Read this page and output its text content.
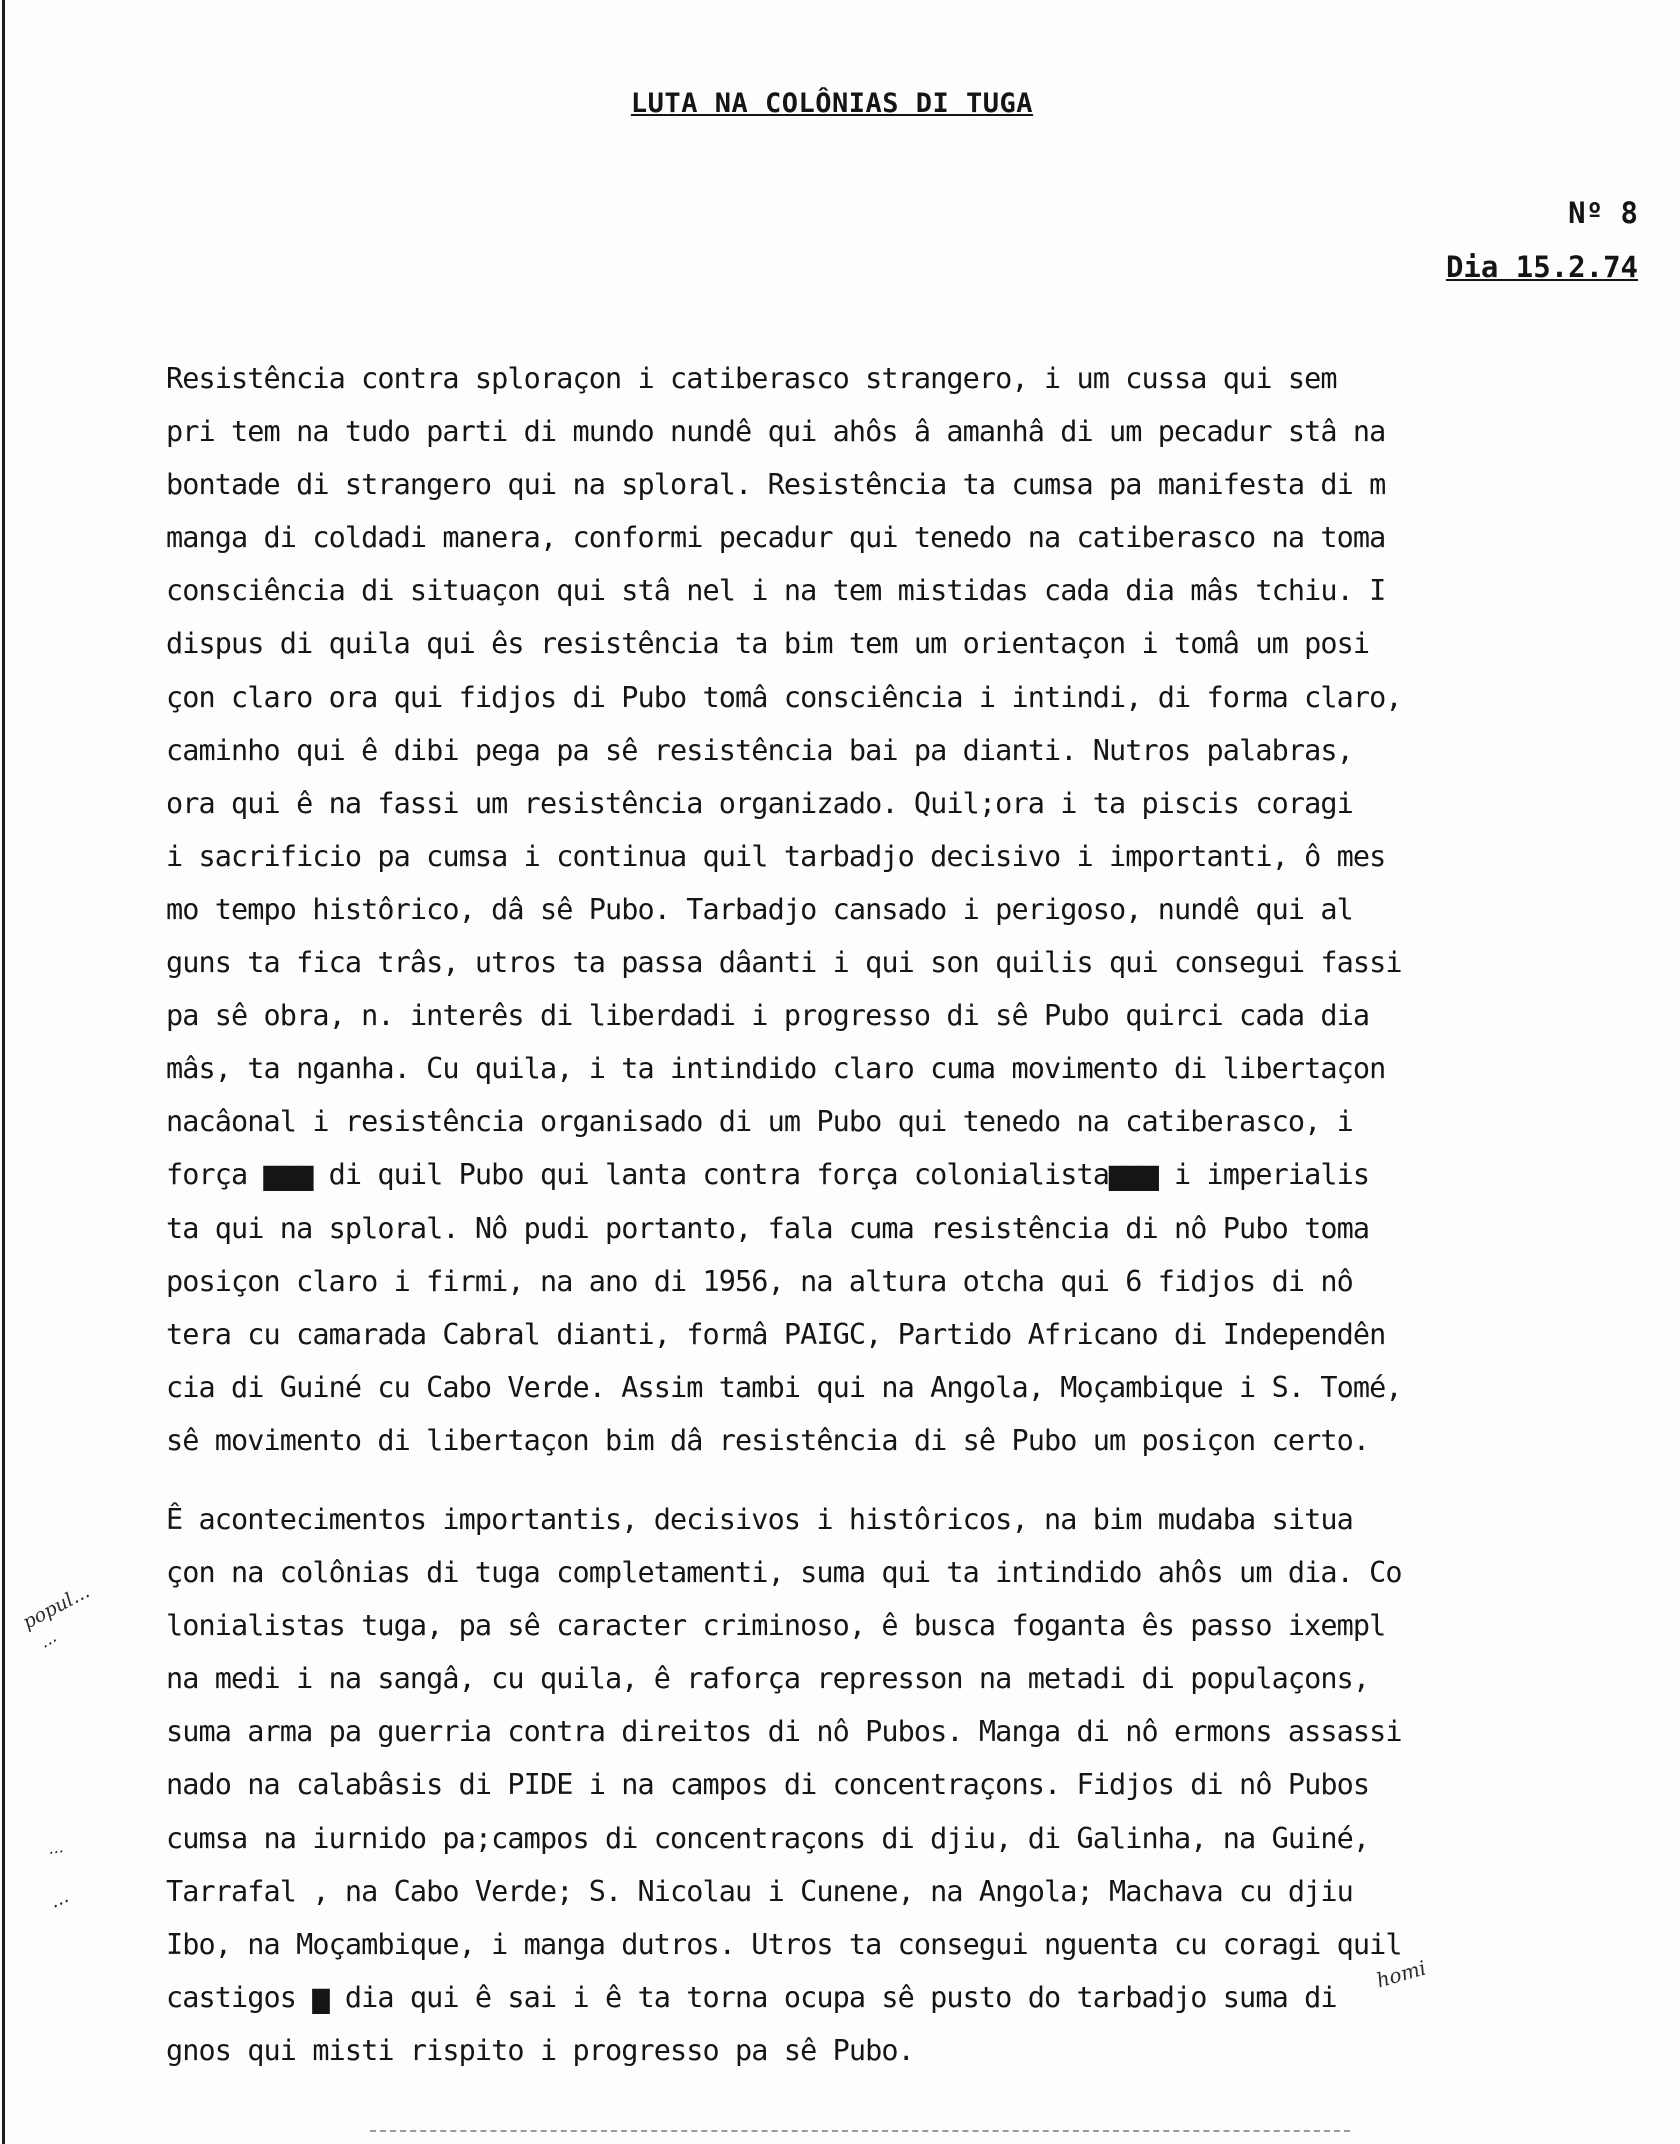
LUTA NA COLÔNIAS DI TUGA
Nº 8
Dia 15.2.74
Resistência contra sploraçon i catiberasco strangero, i um cussa qui sem
pri tem na tudo parti di mundo nundê qui ahôs â amanhâ di um pecadur stâ na
bontade di strangero qui na sploral. Resistência ta cumsa pa manifesta di m
manga di coldadi manera, conformi pecadur qui tenedo na catiberasco na toma
consciência di situaçon qui stâ nel i na tem mistidas cada dia mâs tchiu. I
dispus di quila qui ês resistência ta bim tem um orientaçon i tomâ um posi
çon claro ora qui fidjos di Pubo tomâ consciência i intindi, di forma claro,
caminho qui ê dibi pega pa sê resistência bai pa dianti. Nutros palabras,
ora qui ê na fassi um resistência organizado. Quil;ora i ta piscis coragi
i sacrificio pa cumsa i continua quil tarbadjo decisivo i importanti, ô mes
mo tempo histôrico, dâ sê Pubo. Tarbadjo cansado i perigoso, nundê qui al
guns ta fica trâs, utros ta passa dâanti i qui son quilis qui consegui fassi
pa sê obra, n. interês di liberdadi i progresso di sê Pubo quirci cada dia
mâs, ta nganha. Cu quila, i ta intindido claro cuma movimento di libertaçon
nacâonal i resistência organisado di um Pubo qui tenedo na catiberasco, i
força ▆▆▆ di quil Pubo qui lanta contra força colonialista▆▆▆ i imperialis
ta qui na sploral. Nô pudi portanto, fala cuma resistência di nô Pubo toma
posiçon claro i firmi, na ano di 1956, na altura otcha qui 6 fidjos di nô
tera cu camarada Cabral dianti, formâ PAIGC, Partido Africano di Independên
cia di Guiné cu Cabo Verde. Assim tambi qui na Angola, Moçambique i S. Tomé,
sê movimento di libertaçon bim dâ resistência di sê Pubo um posiçon certo.
Ê acontecimentos importantis, decisivos i histôricos, na bim mudaba situa
çon na colônias di tuga completamenti, suma qui ta intindido ahôs um dia. Co
lonialistas tuga, pa sê caracter criminoso, ê busca foganta ês passo ixempl
na medi i na sangâ, cu quila, ê raforça represson na metadi di populaçons,
suma arma pa guerria contra direitos di nô Pubos. Manga di nô ermons assassi
nado na calabâsis di PIDE i na campos di concentraçons. Fidjos di nô Pubos
cumsa na iurnido pa;campos di concentraçons di djiu, di Galinha, na Guiné,
Tarrafal , na Cabo Verde; S. Nicolau i Cunene, na Angola; Machava cu djiu
Ibo, na Moçambique, i manga dutros. Utros ta consegui nguenta cu coragi quil
castigos ▆ dia qui ê sai i ê ta torna ocupa sê pusto do tarbadjo suma di
gnos qui misti rispito i progresso pa sê Pubo.
popul...
...
...
...
homi
